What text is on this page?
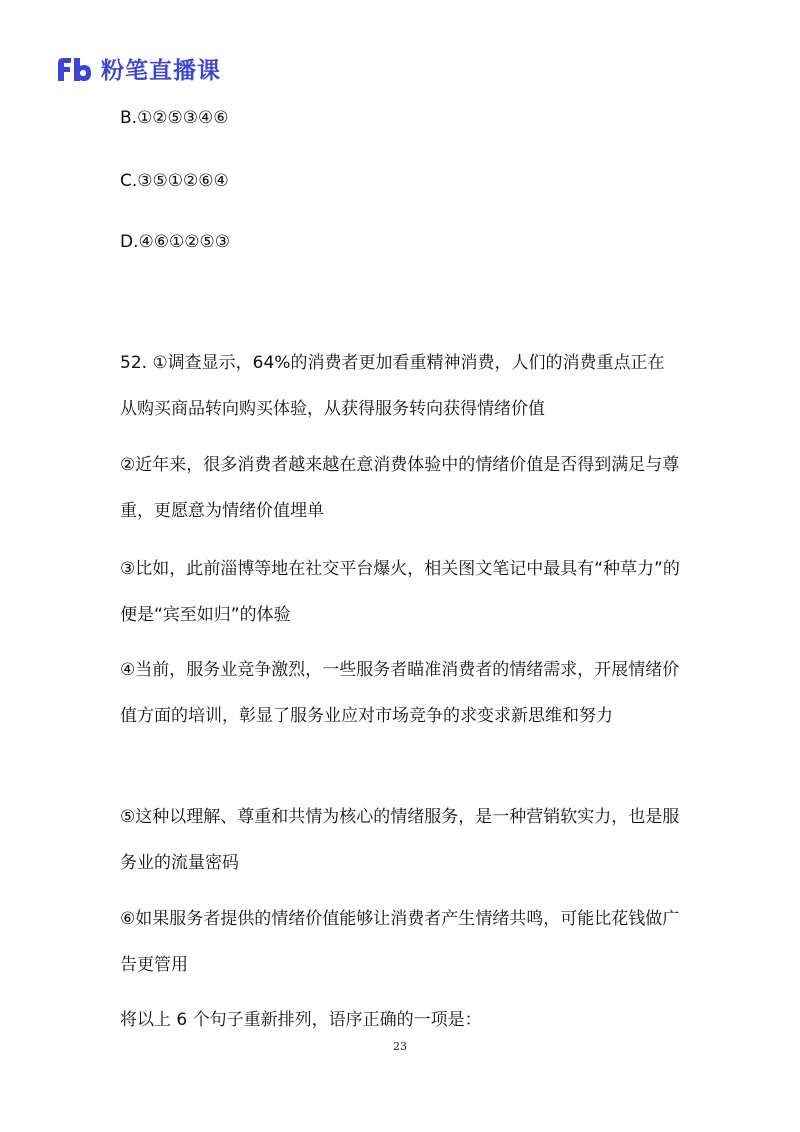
粉笔直播课
B.①②⑤③④⑥
C.③⑤①②⑥④
D.④⑥①②⑤③
52. ①调查显示，64%的消费者更加看重精神消费，人们的消费重点正在从购买商品转向购买体验，从获得服务转向获得情绪价值
②近年来，很多消费者越来越在意消费体验中的情绪价值是否得到满足与尊重，更愿意为情绪价值埋单
③比如，此前淄博等地在社交平台爆火，相关图文笔记中最具有“种草力”的便是“宾至如归”的体验
④当前，服务业竞争激烈，一些服务者瞄准消费者的情绪需求，开展情绪价值方面的培训，彰显了服务业应对市场竞争的求变求新思维和努力
⑤这种以理解、尊重和共情为核心的情绪服务，是一种营销软实力，也是服务业的流量密码
⑥如果服务者提供的情绪价值能够让消费者产生情绪共鸣，可能比花钱做广告更管用
将以上 6 个句子重新排列，语序正确的一项是：
23
